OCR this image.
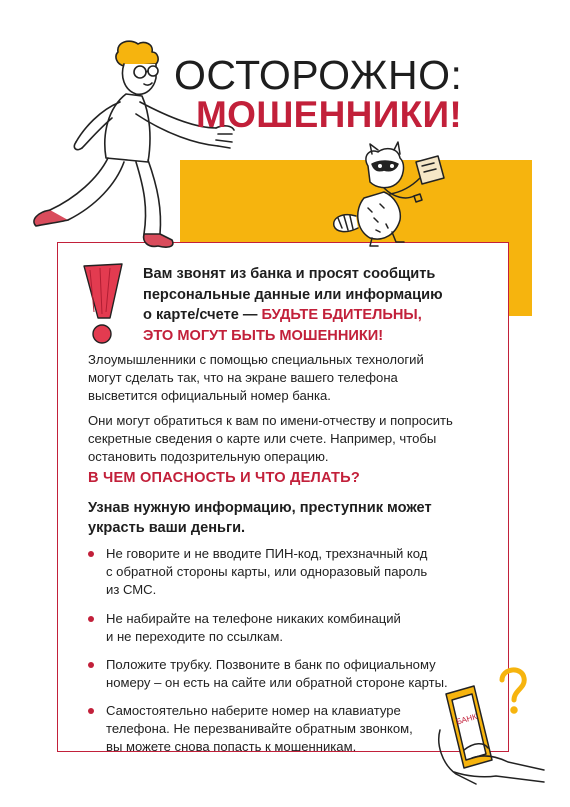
БАНК
ОСТОРОЖНО:
МОШЕННИКИ!
Вам звонят из банка и просят сообщить
персональные данные или информацию
о карте/счете — БУДЬТЕ БДИТЕЛЬНЫ,
ЭТО МОГУТ БЫТЬ МОШЕННИКИ!
Злоумышленники с помощью специальных технологий
могут сделать так, что на экране вашего телефона
высветится официальный номер банка.
Они могут обратиться к вам по имени-отчеству и попросить
секретные сведения о карте или счете. Например, чтобы
остановить подозрительную операцию.
В ЧЕМ ОПАСНОСТЬ И ЧТО ДЕЛАТЬ?
Узнав нужную информацию, преступник может
украсть ваши деньги.
Не говорите и не вводите ПИН-код, трехзначный код
с обратной стороны карты, или одноразовый пароль
из СМС.
Не набирайте на телефоне никаких комбинаций
и не переходите по ссылкам.
Положите трубку. Позвоните в банк по официальному
номеру – он есть на сайте или обратной стороне карты.
Самостоятельно наберите номер на клавиатуре
телефона. Не перезванивайте обратным звонком,
вы можете снова попасть к мошенникам.
